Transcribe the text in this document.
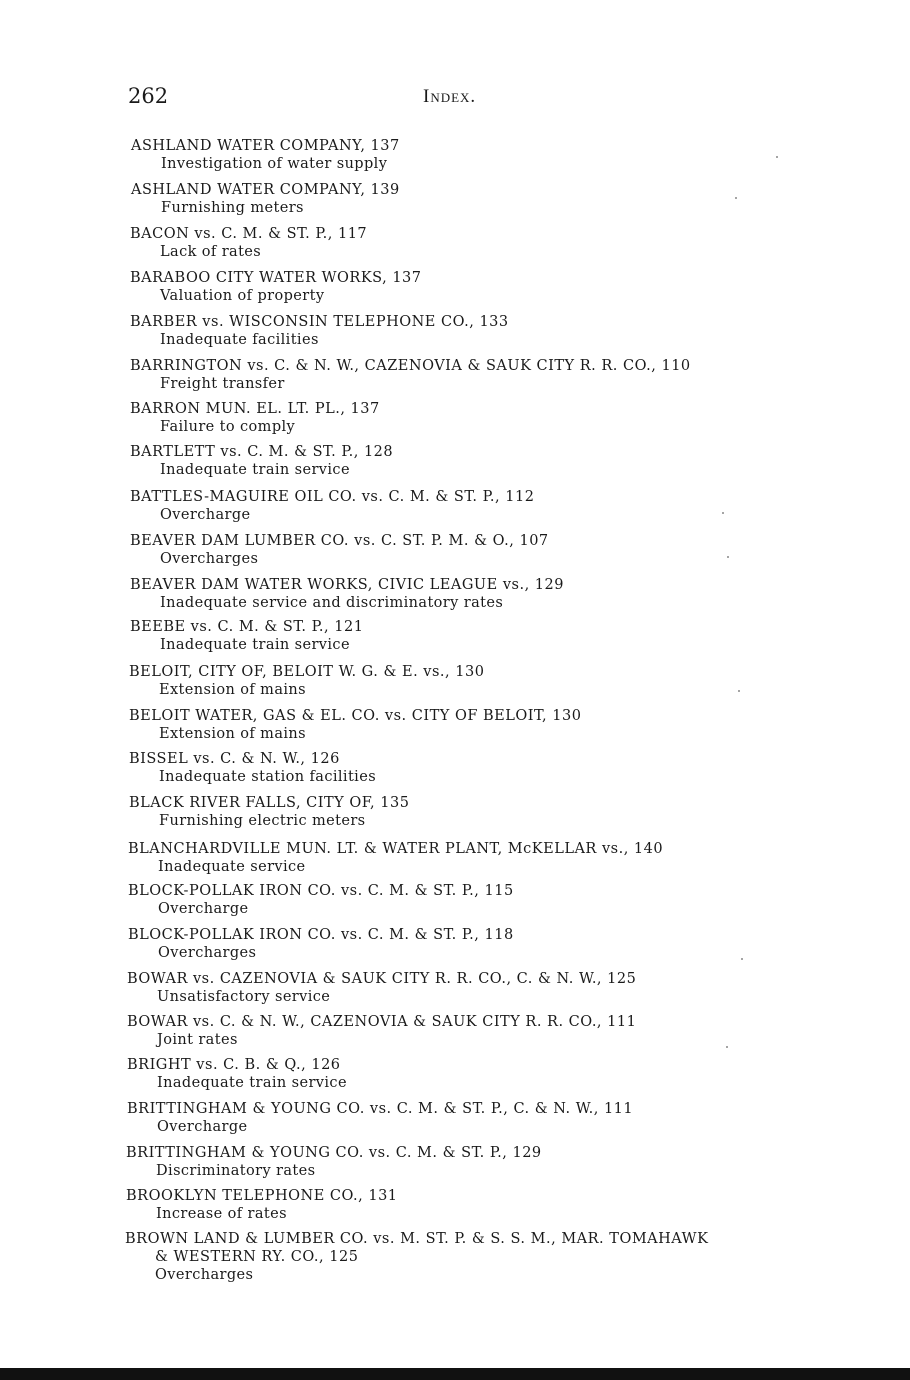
262	Index.
ASHLAND WATER COMPANY, 137
Investigation of water supply
ASHLAND WATER COMPANY, 139
Furnishing meters
BACON vs. C. M. & ST. P., 117
Lack of rates
BARABOO CITY WATER WORKS, 137
Valuation of property
BARBER vs. WISCONSIN TELEPHONE CO., 133
Inadequate facilities
BARRINGTON vs. C. & N. W., CAZENOVIA & SAUK CITY R. R. CO., 110
Freight transfer
BARRON MUN. EL. LT. PL., 137
Failure to comply
BARTLETT vs. C. M. & ST. P., 128
Inadequate train service
BATTLES-MAGUIRE OIL CO. vs. C. M. & ST. P., 112
Overcharge
BEAVER DAM LUMBER CO. vs. C. ST. P. M. & O., 107
Overcharges
BEAVER DAM WATER WORKS, CIVIC LEAGUE vs., 129
Inadequate service and discriminatory rates
BEEBE vs. C. M. & ST. P., 121
Inadequate train service
BELOIT, CITY OF, BELOIT W. G. & E. vs., 130
Extension of mains
BELOIT WATER, GAS & EL. CO. vs. CITY OF BELOIT, 130
Extension of mains
BISSEL vs. C. & N. W., 126
Inadequate station facilities
BLACK RIVER FALLS, CITY OF, 135
Furnishing electric meters
BLANCHARDVILLE MUN. LT. & WATER PLANT, McKELLAR vs., 140
Inadequate service
BLOCK-POLLAK IRON CO. vs. C. M. & ST. P., 115
Overcharge
BLOCK-POLLAK IRON CO. vs. C. M. & ST. P., 118
Overcharges
BOWAR vs. CAZENOVIA & SAUK CITY R. R. CO., C. & N. W., 125
Unsatisfactory service
BOWAR vs. C. & N. W., CAZENOVIA & SAUK CITY R. R. CO., 111
Joint rates
BRIGHT vs. C. B. & Q., 126
Inadequate train service
BRITTINGHAM & YOUNG CO. vs. C. M. & ST. P., C. & N. W., 111
Overcharge
BRITTINGHAM & YOUNG CO. vs. C. M. & ST. P., 129
Discriminatory rates
BROOKLYN TELEPHONE CO., 131
Increase of rates
BROWN LAND & LUMBER CO. vs. M. ST. P. & S. S. M., MAR. TOMAHAWK
& WESTERN RY. CO., 125
Overcharges
